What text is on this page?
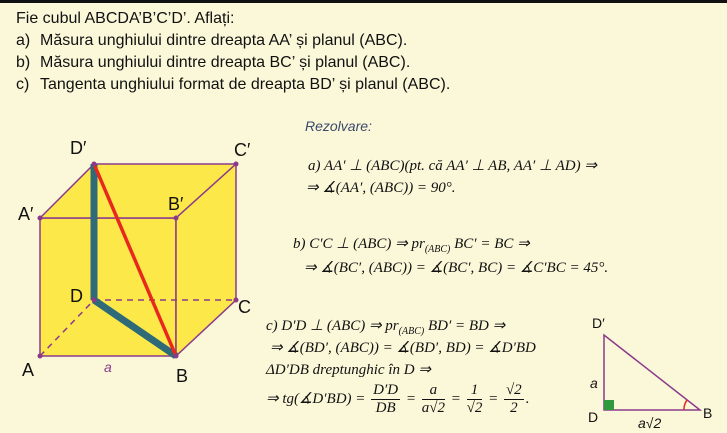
Fie cubul ABCDA’B’C’D’. Aflați:
a) Măsura unghiului dintre dreapta AA’ și planul (ABC).
b) Măsura unghiului dintre dreapta BC’ și planul (ABC).
c) Tangenta unghiului format de dreapta BD’ și planul (ABC).
D′	C′
A′	B′
D
C
A	B
a
D′
D	B
a
a√2
Rezolvare:
a) AA′ ⊥ (ABC)(pt. că AA′ ⊥ AB, AA′ ⊥ AD) ⇒
⇒ ∡(AA′, (ABC)) = 90°.
b) C′C ⊥ (ABC) ⇒ $pr_{(ABC)}$ BC′ = BC ⇒
⇒ ∡(BC′, (ABC)) = ∡(BC′, BC) = ∡C′BC = 45°.
c) D′D ⊥ (ABC) ⇒ $pr_{(ABC)}$ BD′ = BD ⇒
⇒ ∡(BD′, (ABC)) = ∡(BD′, BD) = ∡D′BD
ΔD′DB dreptunghic în D ⇒
⇒ tg(∡D′BD) = $\frac{D'D}{DB} = \frac{a}{a√2} = \frac{1}{√2} = \frac{√2}{2}$ .
